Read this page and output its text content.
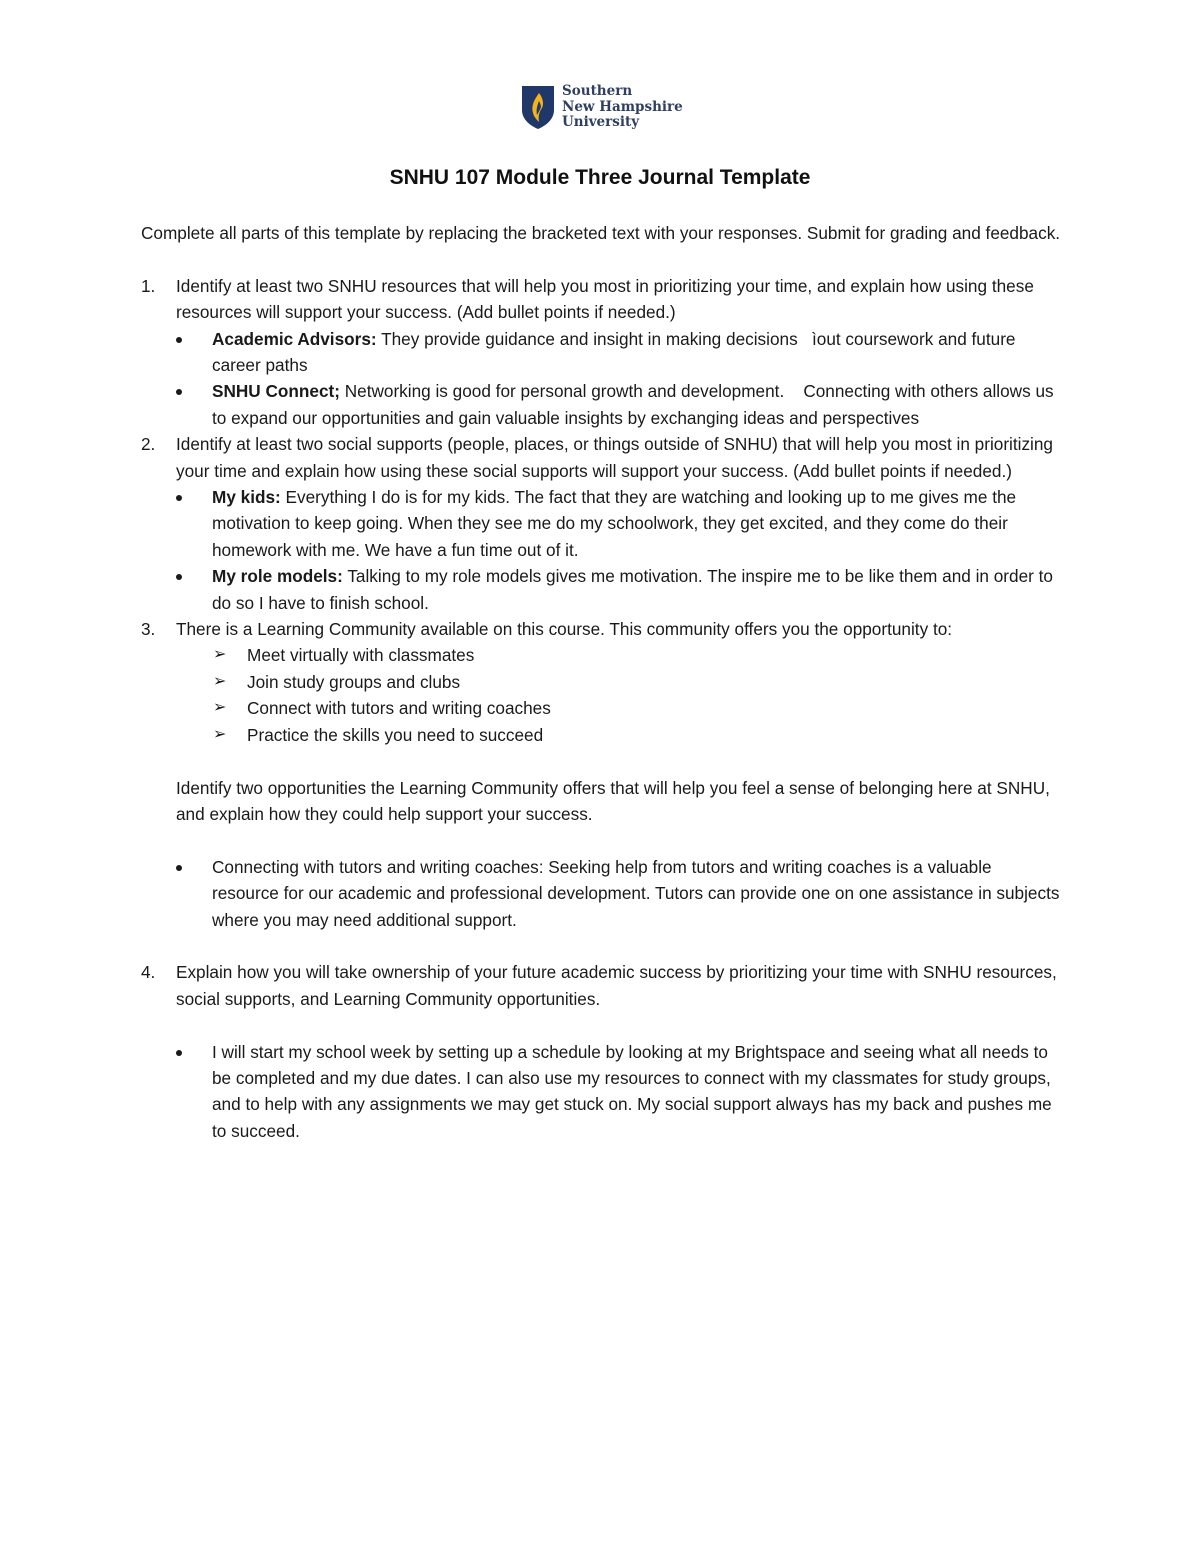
Southern
New Hampshire
University
SNHU 107 Module Three Journal Template

Complete all parts of this template by replacing the bracketed text with your responses. Submit for grading and feedback.

1. Identify at least two SNHU resources that will help you most in prioritizing your time, and explain how using these resources will support your success. (Add bullet points if needed.)
Academic Advisors: They provide guidance and insight in making decisions   ìout coursework and future career paths
SNHU Connect; Networking is good for personal growth and development.    Connecting with others allows us to expand our opportunities and gain valuable insights by exchanging ideas and perspectives
2. Identify at least two social supports (people, places, or things outside of SNHU) that will help you most in prioritizing your time and explain how using these social supports will support your success. (Add bullet points if needed.)
My kids: Everything I do is for my kids. The fact that they are watching and looking up to me gives me the motivation to keep going. When they see me do my schoolwork, they get excited, and they come do their homework with me. We have a fun time out of it.
My role models: Talking to my role models gives me motivation. The inspire me to be like them and in order to do so I have to finish school.
3. There is a Learning Community available on this course. This community offers you the opportunity to:
➢ Meet virtually with classmates
➢ Join study groups and clubs
➢ Connect with tutors and writing coaches
➢ Practice the skills you need to succeed
Identify two opportunities the Learning Community offers that will help you feel a sense of belonging here at SNHU, and explain how they could help support your success.
Connecting with tutors and writing coaches: Seeking help from tutors and writing coaches is a valuable resource for our academic and professional development. Tutors can provide one on one assistance in subjects where you may need additional support.
4. Explain how you will take ownership of your future academic success by prioritizing your time with SNHU resources, social supports, and Learning Community opportunities.
I will start my school week by setting up a schedule by looking at my Brightspace and seeing what all needs to be completed and my due dates. I can also use my resources to connect with my classmates for study groups, and to help with any assignments we may get stuck on. My social support always has my back and pushes me to succeed.
